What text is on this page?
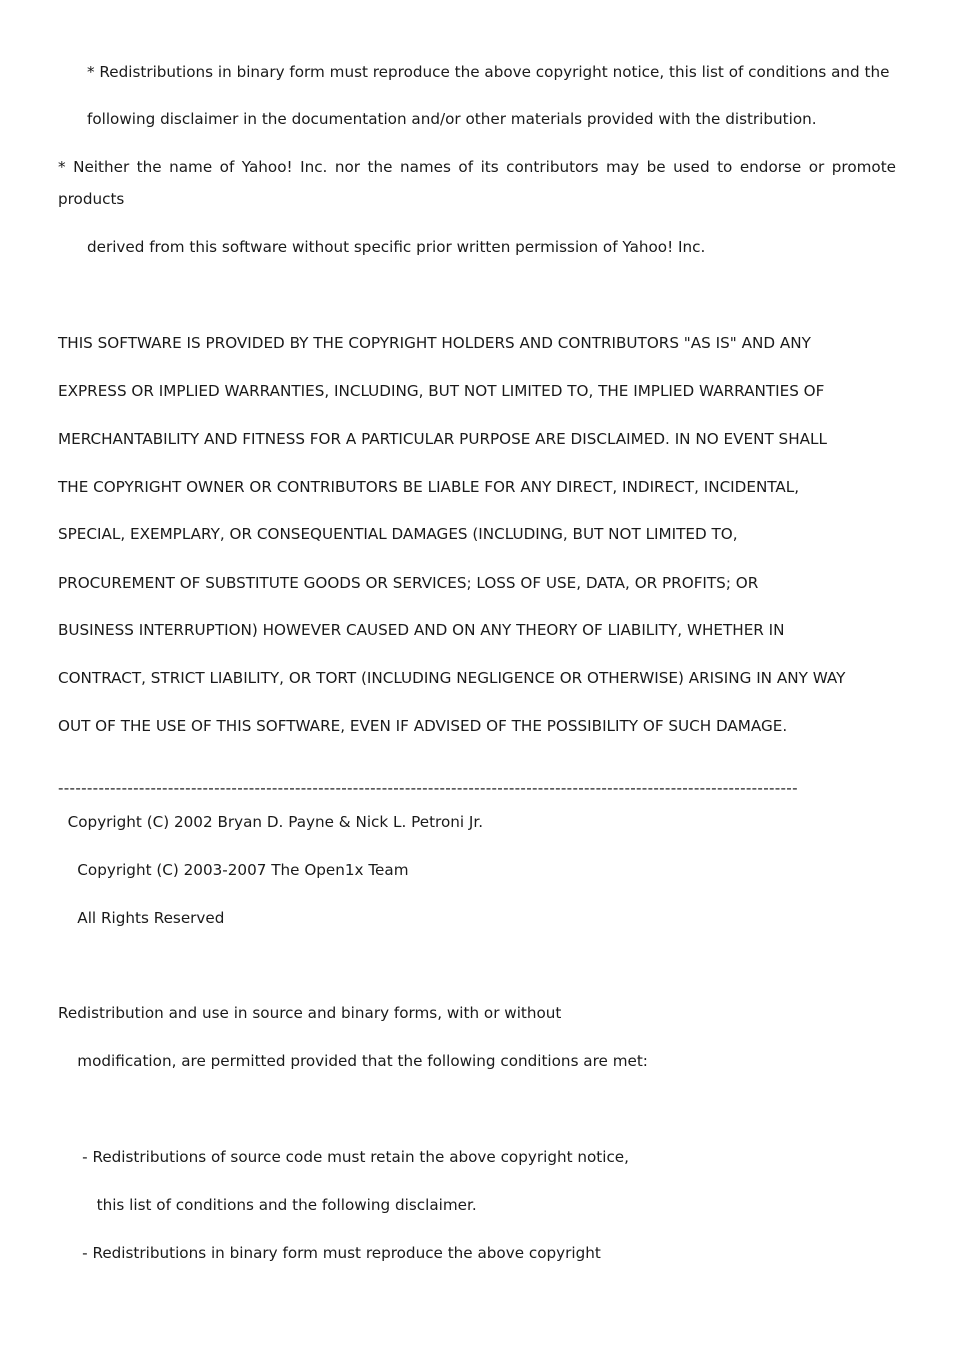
* Redistributions in binary form must reproduce the above copyright notice, this list of conditions and the

following disclaimer in the documentation and/or other materials provided with the distribution.

* Neither the name of Yahoo! Inc. nor the names of its contributors may be used to endorse or promote

products

derived from this software without specific prior written permission of Yahoo! Inc.

THIS SOFTWARE IS PROVIDED BY THE COPYRIGHT HOLDERS AND CONTRIBUTORS "AS IS" AND ANY

EXPRESS OR IMPLIED WARRANTIES, INCLUDING, BUT NOT LIMITED TO, THE IMPLIED WARRANTIES OF

MERCHANTABILITY AND FITNESS FOR A PARTICULAR PURPOSE ARE DISCLAIMED. IN NO EVENT SHALL

THE COPYRIGHT OWNER OR CONTRIBUTORS BE LIABLE FOR ANY DIRECT, INDIRECT, INCIDENTAL,

SPECIAL, EXEMPLARY, OR CONSEQUENTIAL DAMAGES (INCLUDING, BUT NOT LIMITED TO,

PROCUREMENT OF SUBSTITUTE GOODS OR SERVICES; LOSS OF USE, DATA, OR PROFITS; OR

BUSINESS INTERRUPTION) HOWEVER CAUSED AND ON ANY THEORY OF LIABILITY, WHETHER IN

CONTRACT, STRICT LIABILITY, OR TORT (INCLUDING NEGLIGENCE OR OTHERWISE) ARISING IN ANY WAY

OUT OF THE USE OF THIS SOFTWARE, EVEN IF ADVISED OF THE POSSIBILITY OF SUCH DAMAGE.

--------------------------------------------------------------------------------------------------------------------------------

Copyright (C) 2002 Bryan D. Payne & Nick L. Petroni Jr.

Copyright (C) 2003-2007 The Open1x Team

All Rights Reserved

Redistribution and use in source and binary forms, with or without

modification, are permitted provided that the following conditions are met:

- Redistributions of source code must retain the above copyright notice,

this list of conditions and the following disclaimer.

- Redistributions in binary form must reproduce the above copyright
